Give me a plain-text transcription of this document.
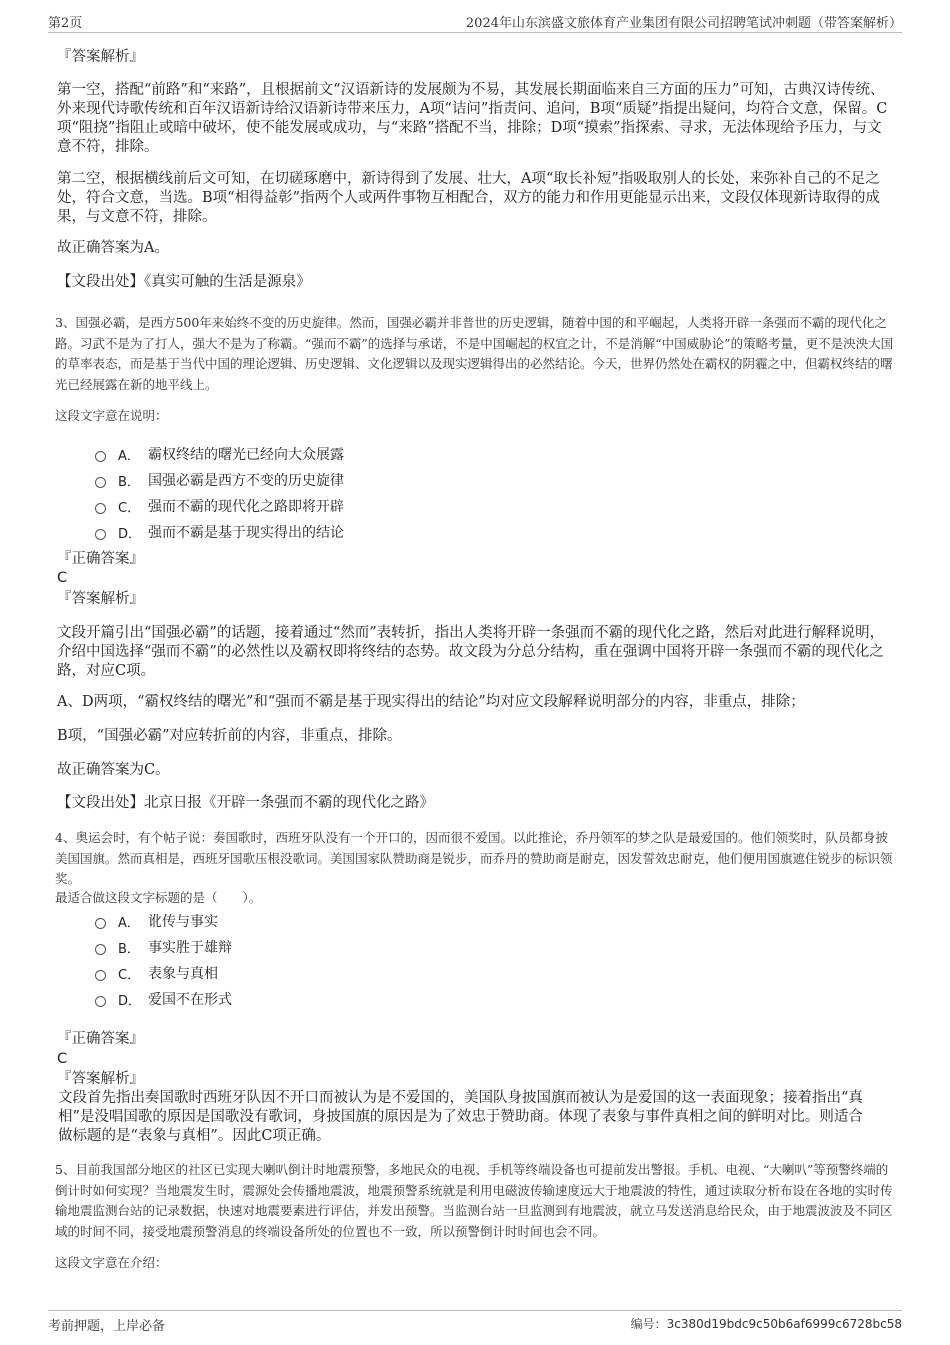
第2页	2024年山东滨盛文旅体育产业集团有限公司招聘笔试冲刺题（带答案解析）

『答案解析』

第一空，搭配“前路”和“来路”，且根据前文“汉语新诗的发展颇为不易，其发展长期面临来自三方面的压力”可知，古典汉诗传统、外来现代诗歌传统和百年汉语新诗给汉语新诗带来压力，A项“诘问”指责问、追问，B项“质疑”指提出疑问，均符合文意，保留。C项“阻挠”指阻止或暗中破坏，使不能发展或成功，与“来路”搭配不当，排除；D项“摸索”指探索、寻求，无法体现给予压力，与文意不符，排除。

第二空，根据横线前后文可知，在切磋琢磨中，新诗得到了发展、壮大，A项“取长补短”指吸取别人的长处，来弥补自己的不足之处，符合文意，当选。B项“相得益彰”指两个人或两件事物互相配合，双方的能力和作用更能显示出来，文段仅体现新诗取得的成果，与文意不符，排除。

故正确答案为A。

【文段出处】《真实可触的生活是源泉》

3、国强必霸，是西方500年来始终不变的历史旋律。然而，国强必霸并非普世的历史逻辑，随着中国的和平崛起，人类将开辟一条强而不霸的现代化之路。习武不是为了打人，强大不是为了称霸。“强而不霸”的选择与承诺，不是中国崛起的权宜之计，不是消解“中国威胁论”的策略考量，更不是泱泱大国的草率表态，而是基于当代中国的理论逻辑、历史逻辑、文化逻辑以及现实逻辑得出的必然结论。今天，世界仍然处在霸权的阴霾之中，但霸权终结的曙光已经展露在新的地平线上。

这段文字意在说明：

A． 霸权终结的曙光已经向大众展露
B． 国强必霸是西方不变的历史旋律
C． 强而不霸的现代化之路即将开辟
D． 强而不霸是基于现实得出的结论

『正确答案』

C

『答案解析』

文段开篇引出“国强必霸”的话题，接着通过“然而”表转折，指出人类将开辟一条强而不霸的现代化之路，然后对此进行解释说明，介绍中国选择“强而不霸”的必然性以及霸权即将终结的态势。故文段为分总分结构，重在强调中国将开辟一条强而不霸的现代化之路，对应C项。

A、D两项，“霸权终结的曙光”和“强而不霸是基于现实得出的结论”均对应文段解释说明部分的内容，非重点，排除；

B项，“国强必霸”对应转折前的内容，非重点，排除。

故正确答案为C。

【文段出处】北京日报《开辟一条强而不霸的现代化之路》

4、奥运会时，有个帖子说：奏国歌时，西班牙队没有一个开口的，因而很不爱国。以此推论，乔丹领军的梦之队是最爱国的。他们领奖时，队员都身披美国国旗。然而真相是，西班牙国歌压根没歌词。美国国家队赞助商是锐步，而乔丹的赞助商是耐克，因发誓效忠耐克，他们便用国旗遮住锐步的标识领奖。

最适合做这段文字标题的是（　　）。

A． 讹传与事实
B． 事实胜于雄辩
C． 表象与真相
D． 爱国不在形式

『正确答案』

C

『答案解析』

文段首先指出奏国歌时西班牙队因不开口而被认为是不爱国的，美国队身披国旗而被认为是爱国的这一表面现象；接着指出“真相”是没唱国歌的原因是国歌没有歌词，身披国旗的原因是为了效忠于赞助商。体现了表象与事件真相之间的鲜明对比。则适合做标题的是“表象与真相”。因此C项正确。

5、目前我国部分地区的社区已实现大喇叭倒计时地震预警，多地民众的电视、手机等终端设备也可提前发出警报。手机、电视、“大喇叭”等预警终端的倒计时如何实现？当地震发生时，震源处会传播地震波，地震预警系统就是利用电磁波传输速度远大于地震波的特性，通过读取分析布设在各地的实时传输地震监测台站的记录数据，快速对地震要素进行评估，并发出预警。当监测台站一旦监测到有地震波，就立马发送消息给民众，由于地震波波及不同区域的时间不同，接受地震预警消息的终端设备所处的位置也不一致，所以预警倒计时时间也会不同。

这段文字意在介绍：

考前押题，上岸必备	编号：3c380d19bdc9c50b6af6999c6728bc58
